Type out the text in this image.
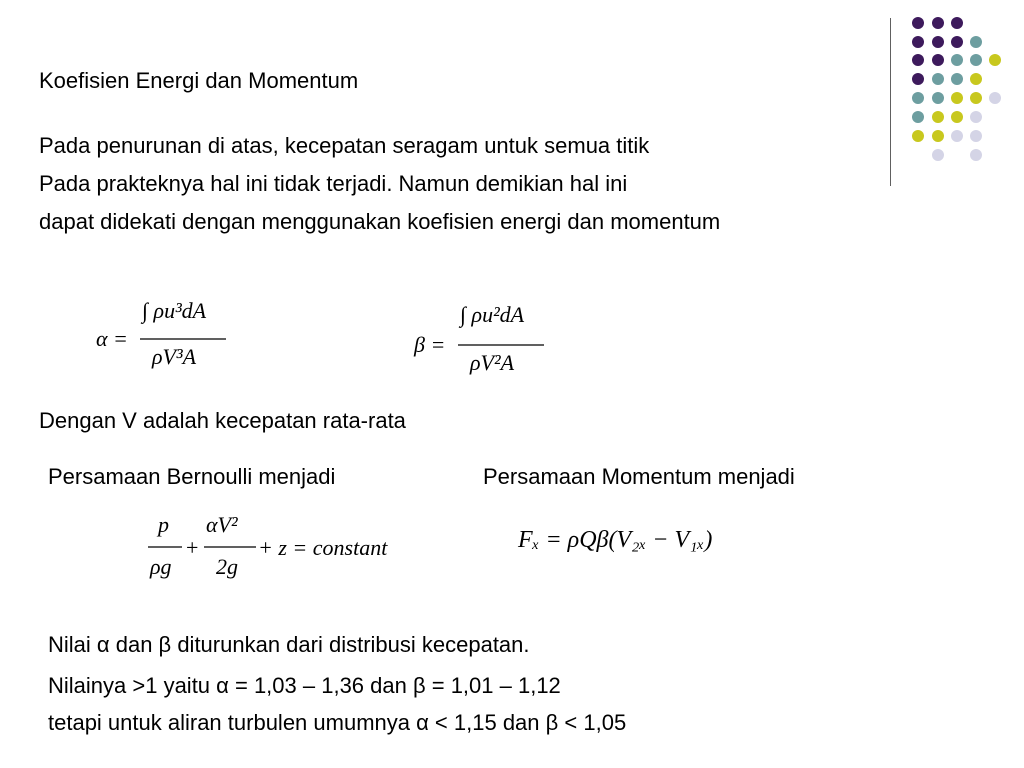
Koefisien Energi dan Momentum

Pada penurunan di atas, kecepatan seragam untuk semua titik

Pada prakteknya hal ini tidak terjadi. Namun demikian hal ini

dapat didekati dengan menggunakan koefisien energi dan momentum

α =
∫ ρu³dA
ρV³A	β =
∫ ρu²dA
ρV²A

Dengan V adalah kecepatan rata-rata

Persamaan Bernoulli menjadi	Persamaan Momentum menjadi

p
ρg
+
αV²
2g
+ z = constant	Fₓ = ρQβ(V₂ₓ − V₁ₓ)

Nilai α dan β diturunkan dari distribusi kecepatan.

Nilainya >1 yaitu α = 1,03 – 1,36 dan β = 1,01 – 1,12

tetapi untuk aliran turbulen umumnya α < 1,15 dan β < 1,05
